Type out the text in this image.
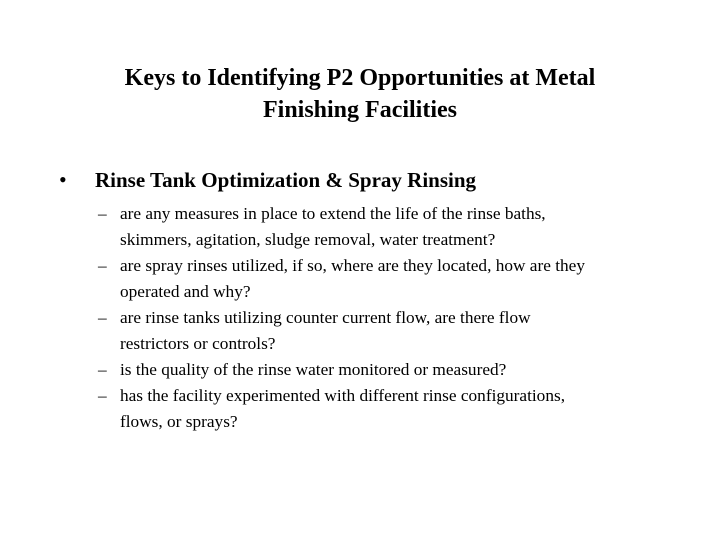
Keys to Identifying P2 Opportunities at Metal
Finishing Facilities
• Rinse Tank Optimization & Spray Rinsing
– are any measures in place to extend the life of the rinse baths,
skimmers, agitation, sludge removal, water treatment?
– are spray rinses utilized, if so, where are they located, how are they
operated and why?
– are rinse tanks utilizing counter current flow, are there flow
restrictors or controls?
– is the quality of the rinse water monitored or measured?
– has the facility experimented with different rinse configurations,
flows, or sprays?
